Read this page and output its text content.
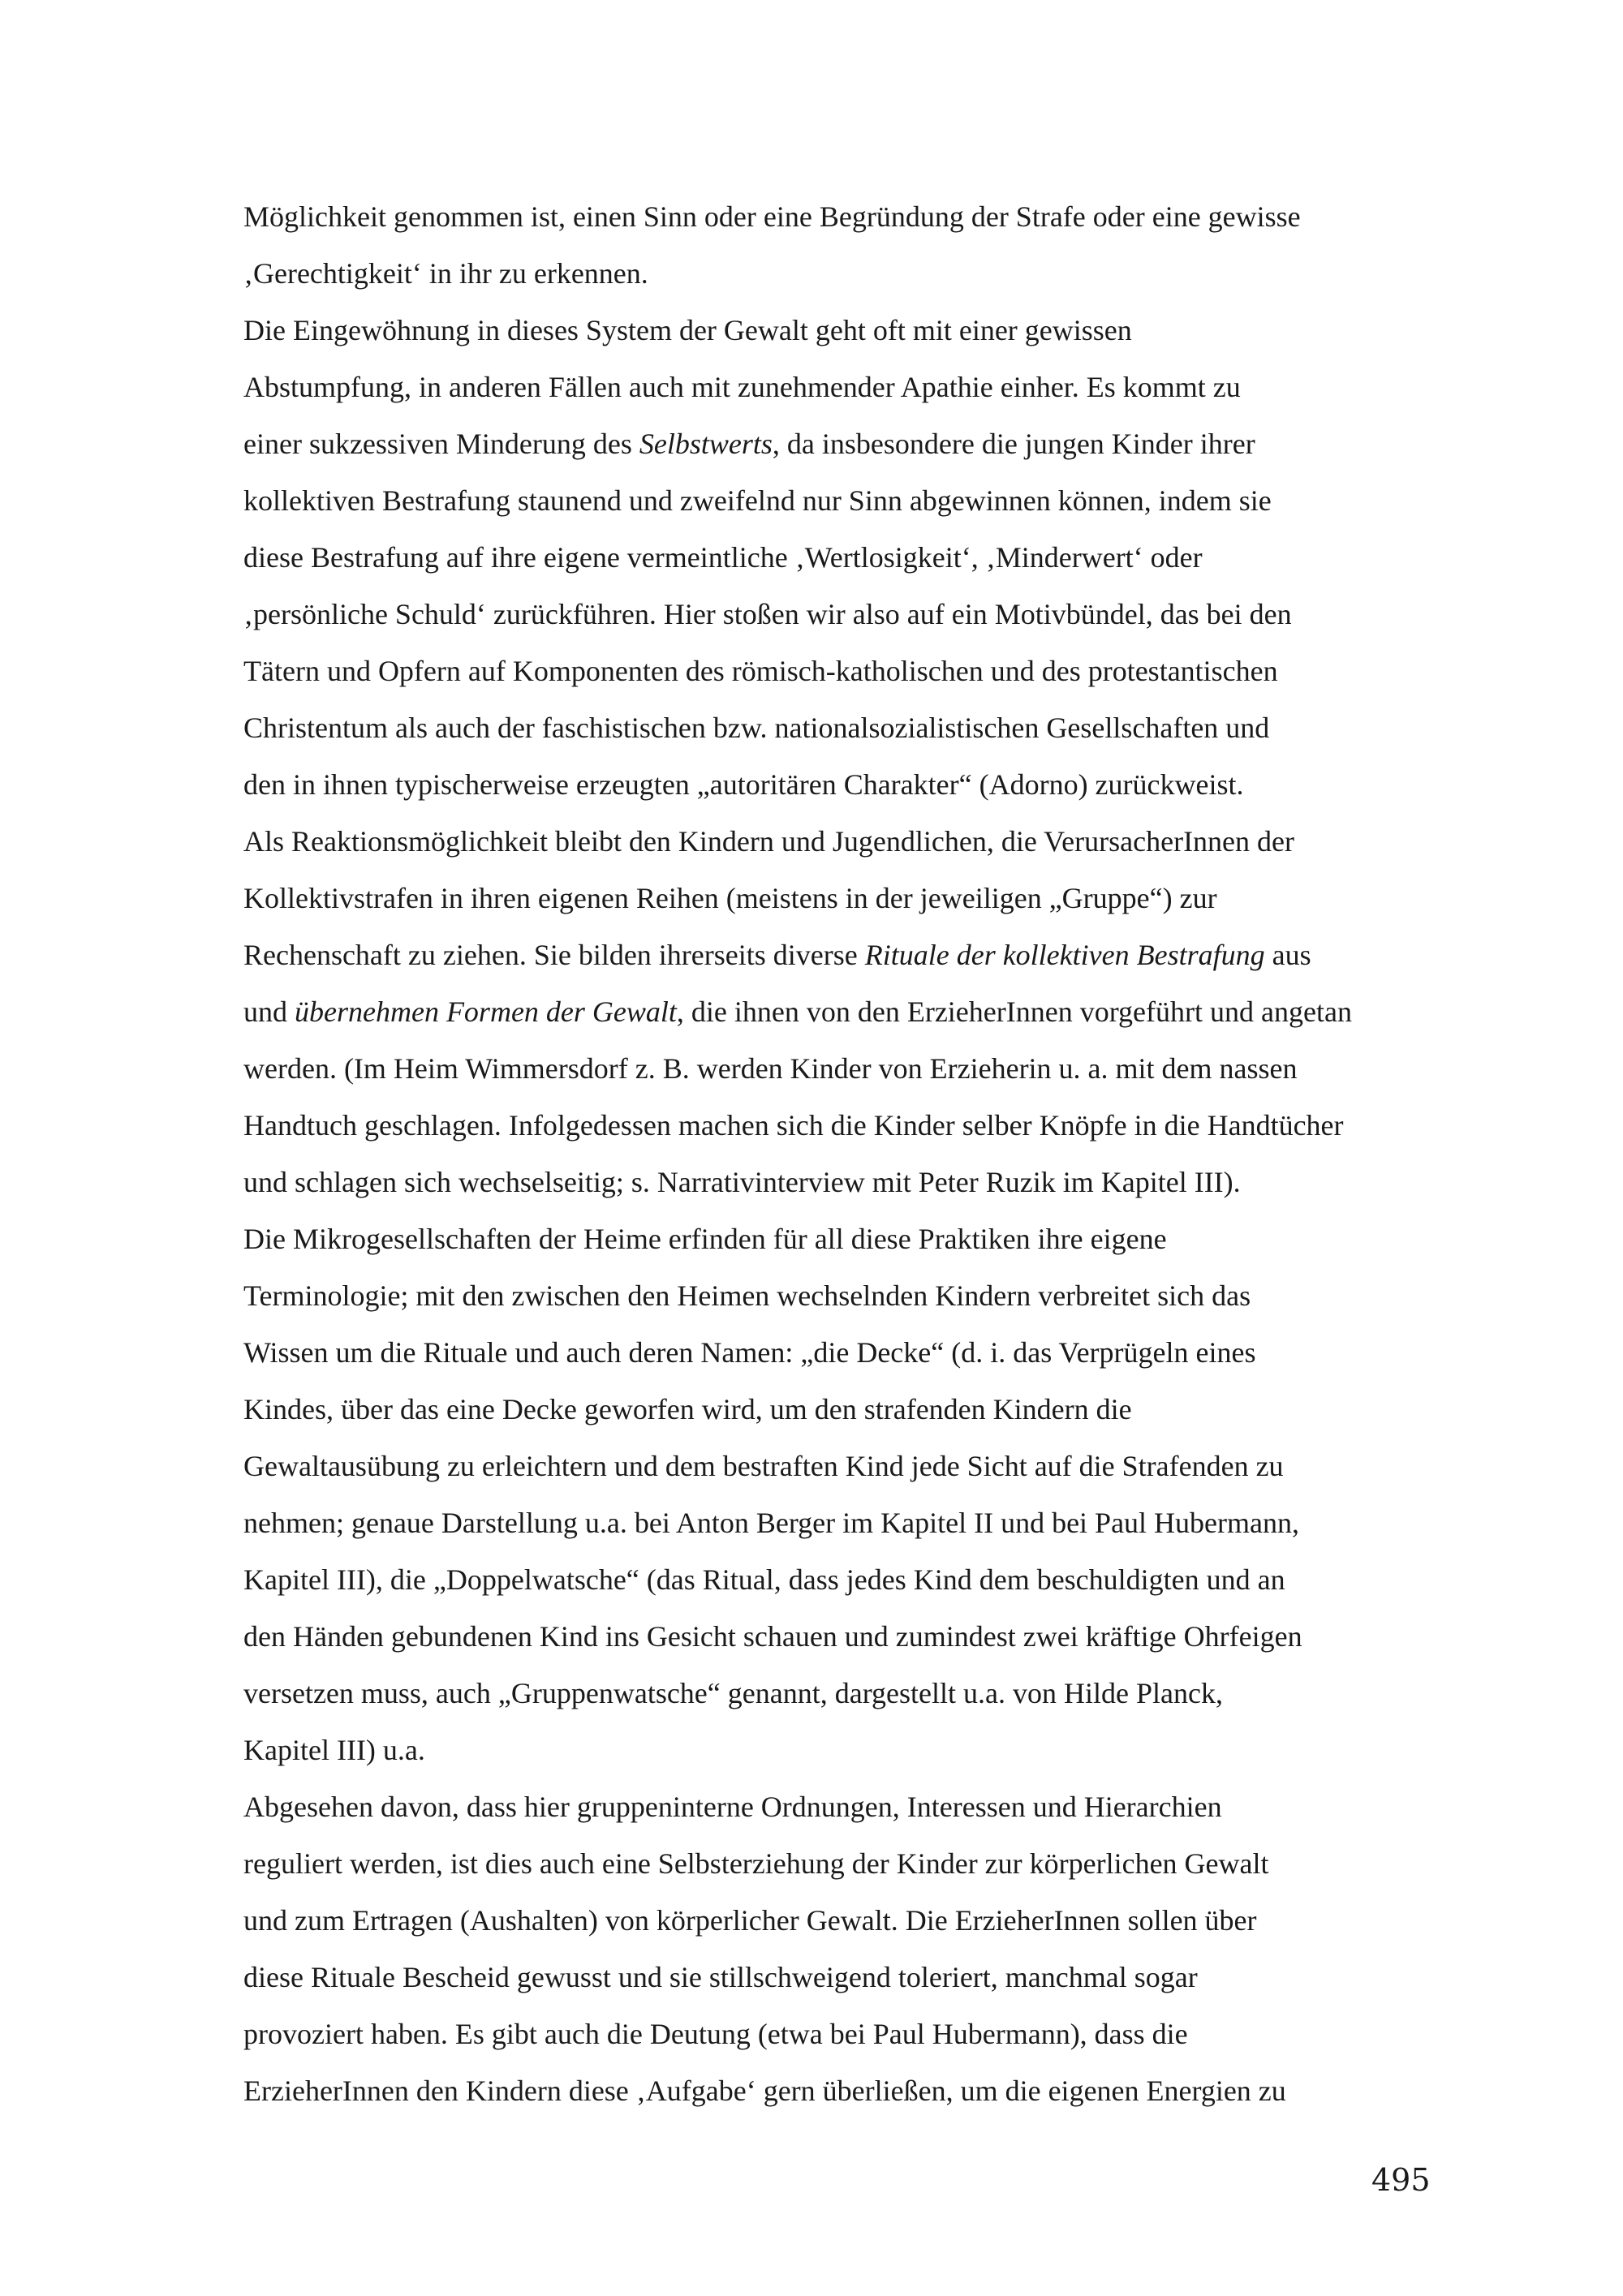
Möglichkeit genommen ist, einen Sinn oder eine Begründung der Strafe oder eine gewisse
‚Gerechtigkeit‘ in ihr zu erkennen.
Die Eingewöhnung in dieses System der Gewalt geht oft mit einer gewissen
Abstumpfung, in anderen Fällen auch mit zunehmender Apathie einher. Es kommt zu
einer sukzessiven Minderung des Selbstwerts, da insbesondere die jungen Kinder ihrer
kollektiven Bestrafung staunend und zweifelnd nur Sinn abgewinnen können, indem sie
diese Bestrafung auf ihre eigene vermeintliche ‚Wertlosigkeit‘, ‚Minderwert‘ oder
‚persönliche Schuld‘ zurückführen. Hier stoßen wir also auf ein Motivbündel, das bei den
Tätern und Opfern auf Komponenten des römisch-katholischen und des protestantischen
Christentum als auch der faschistischen bzw. nationalsozialistischen Gesellschaften und
den in ihnen typischerweise erzeugten „autoritären Charakter“ (Adorno) zurückweist.
Als Reaktionsmöglichkeit bleibt den Kindern und Jugendlichen, die VerursacherInnen der
Kollektivstrafen in ihren eigenen Reihen (meistens in der jeweiligen „Gruppe“) zur
Rechenschaft zu ziehen. Sie bilden ihrerseits diverse Rituale der kollektiven Bestrafung aus
und übernehmen Formen der Gewalt, die ihnen von den ErzieherInnen vorgeführt und angetan
werden. (Im Heim Wimmersdorf z. B. werden Kinder von Erzieherin u. a. mit dem nassen
Handtuch geschlagen. Infolgedessen machen sich die Kinder selber Knöpfe in die Handtücher
und schlagen sich wechselseitig; s. Narrativinterview mit Peter Ruzik im Kapitel III).
Die Mikrogesellschaften der Heime erfinden für all diese Praktiken ihre eigene
Terminologie; mit den zwischen den Heimen wechselnden Kindern verbreitet sich das
Wissen um die Rituale und auch deren Namen: „die Decke“ (d. i. das Verprügeln eines
Kindes, über das eine Decke geworfen wird, um den strafenden Kindern die
Gewaltausübung zu erleichtern und dem bestraften Kind jede Sicht auf die Strafenden zu
nehmen; genaue Darstellung u.a. bei Anton Berger im Kapitel II und bei Paul Hubermann,
Kapitel III), die „Doppelwatsche“ (das Ritual, dass jedes Kind dem beschuldigten und an
den Händen gebundenen Kind ins Gesicht schauen und zumindest zwei kräftige Ohrfeigen
versetzen muss, auch „Gruppenwatsche“ genannt, dargestellt u.a. von Hilde Planck,
Kapitel III) u.a.
Abgesehen davon, dass hier gruppeninterne Ordnungen, Interessen und Hierarchien
reguliert werden, ist dies auch eine Selbsterziehung der Kinder zur körperlichen Gewalt
und zum Ertragen (Aushalten) von körperlicher Gewalt. Die ErzieherInnen sollen über
diese Rituale Bescheid gewusst und sie stillschweigend toleriert, manchmal sogar
provoziert haben. Es gibt auch die Deutung (etwa bei Paul Hubermann), dass die
ErzieherInnen den Kindern diese ‚Aufgabe‘ gern überließen, um die eigenen Energien zu
495
